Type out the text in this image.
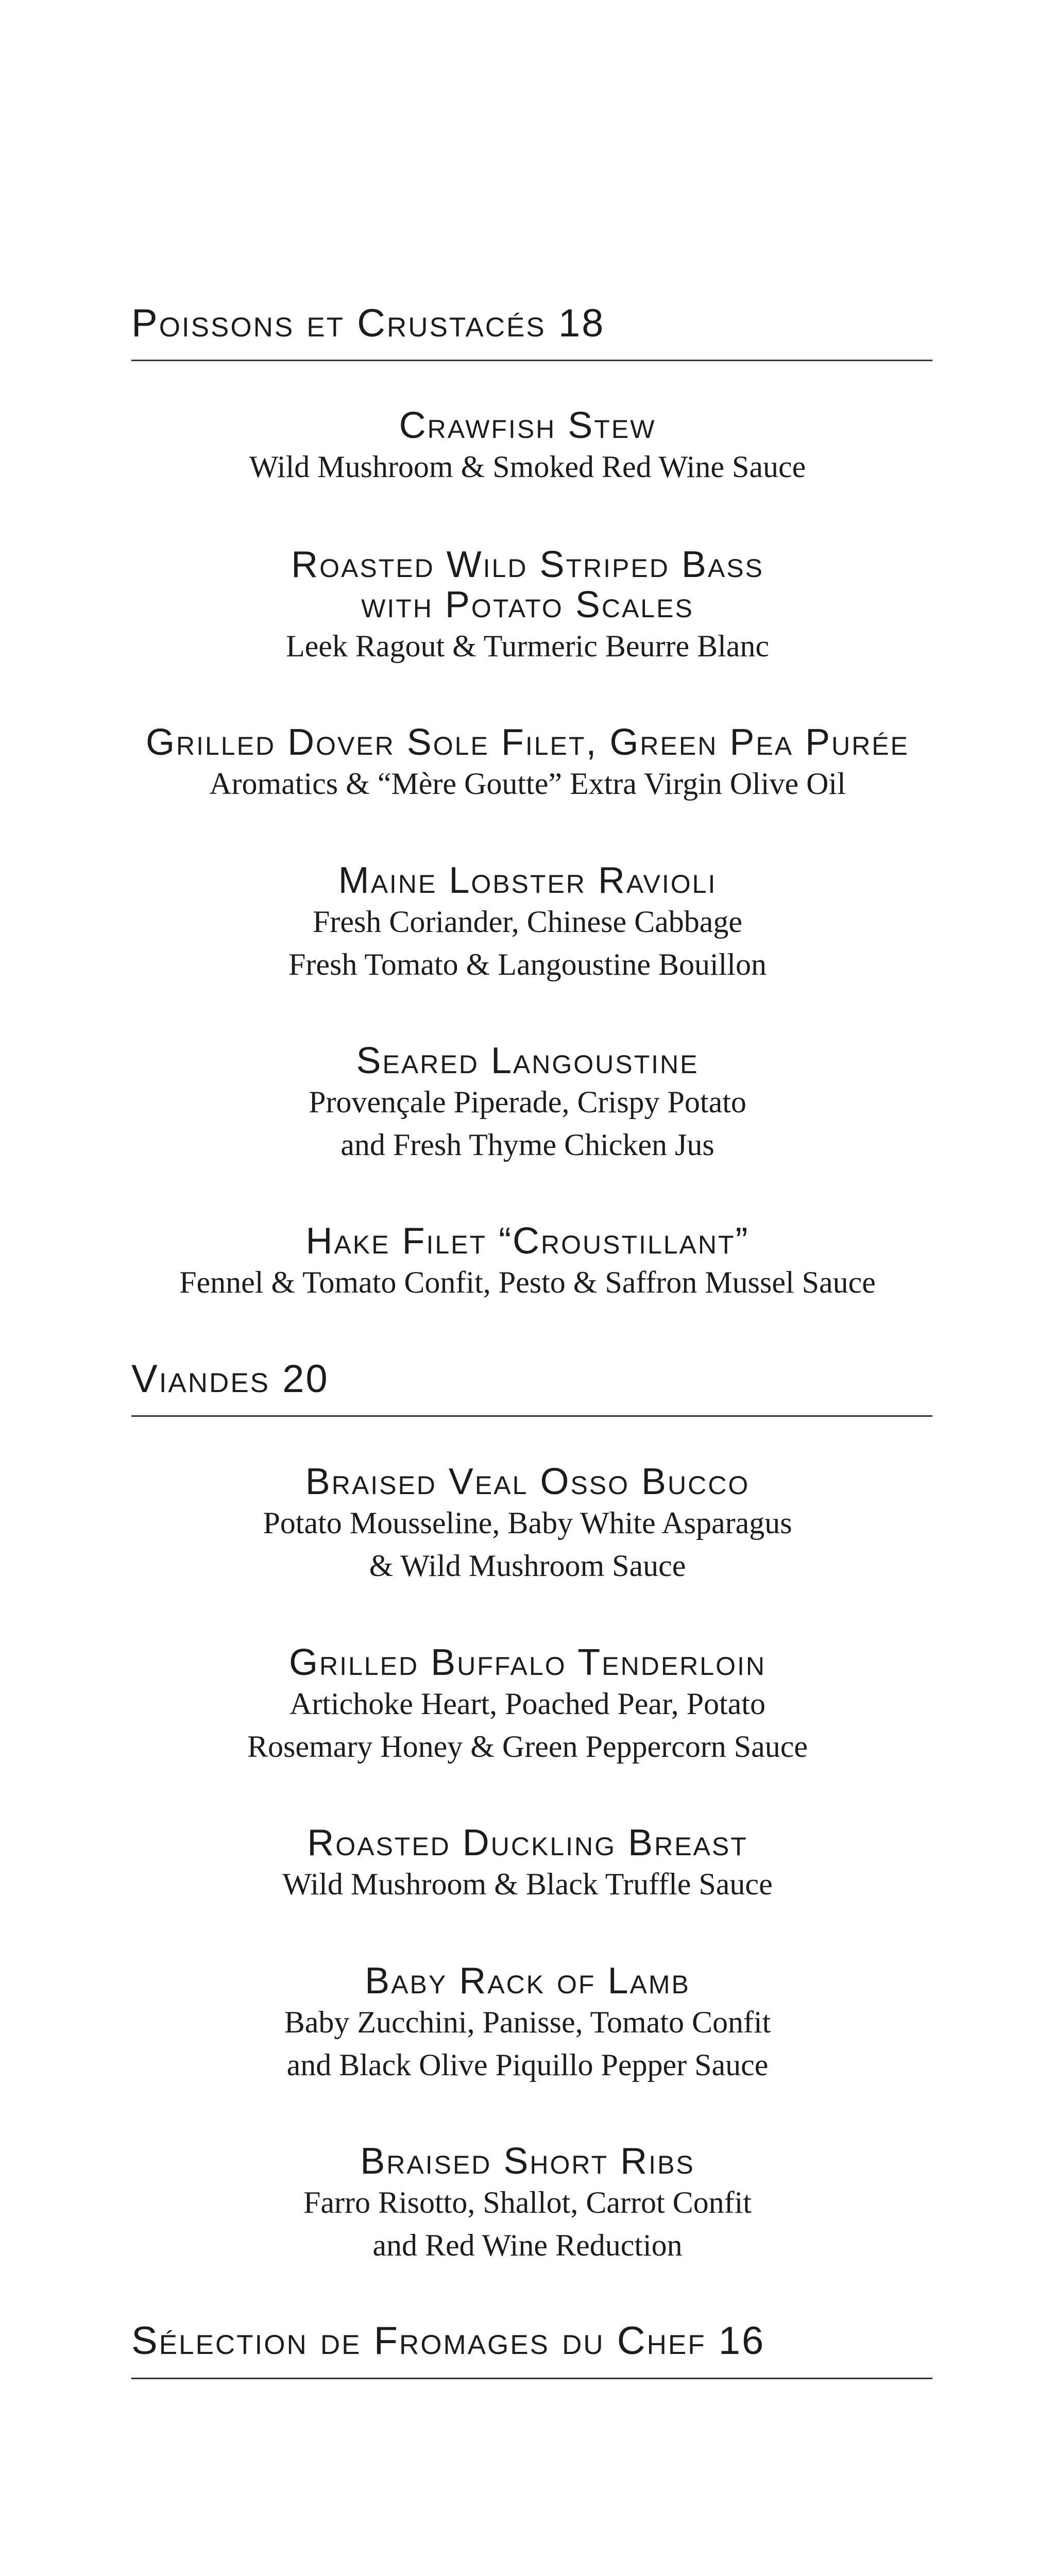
Poissons et Crustacés 18
Crawfish Stew
Wild Mushroom & Smoked Red Wine Sauce
Roasted Wild Striped Bass
with Potato Scales
Leek Ragout & Turmeric Beurre Blanc
Grilled Dover Sole Filet, Green Pea Purée
Aromatics & “Mère Goutte” Extra Virgin Olive Oil
Maine Lobster Ravioli
Fresh Coriander, Chinese Cabbage
Fresh Tomato & Langoustine Bouillon
Seared Langoustine
Provençale Piperade, Crispy Potato
and Fresh Thyme Chicken Jus
Hake Filet “Croustillant”
Fennel & Tomato Confit, Pesto & Saffron Mussel Sauce
Viandes 20
Braised Veal Osso Bucco
Potato Mousseline, Baby White Asparagus
& Wild Mushroom Sauce
Grilled Buffalo Tenderloin
Artichoke Heart, Poached Pear, Potato
Rosemary Honey & Green Peppercorn Sauce
Roasted Duckling Breast
Wild Mushroom & Black Truffle Sauce
Baby Rack of Lamb
Baby Zucchini, Panisse, Tomato Confit
and Black Olive Piquillo Pepper Sauce
Braised Short Ribs
Farro Risotto, Shallot, Carrot Confit
and Red Wine Reduction
Sélection de Fromages du Chef 16
